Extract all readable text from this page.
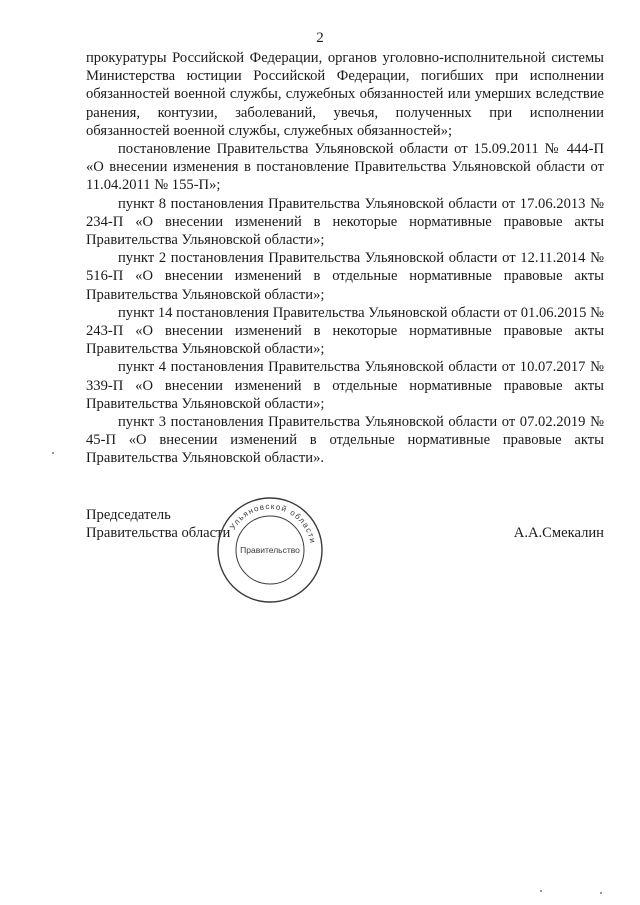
2

прокуратуры Российской Федерации, органов уголовно-исполнительной системы Министерства юстиции Российской Федерации, погибших при исполнении обязанностей военной службы, служебных обязанностей или умерших вследствие ранения, контузии, заболеваний, увечья, полученных при исполнении обязанностей военной службы, служебных обязанностей»;

постановление Правительства Ульяновской области от 15.09.2011 № 444-П «О внесении изменения в постановление Правительства Ульяновской области от 11.04.2011 № 155-П»;

пункт 8 постановления Правительства Ульяновской области от 17.06.2013 № 234-П «О внесении изменений в некоторые нормативные правовые акты Правительства Ульяновской области»;

пункт 2 постановления Правительства Ульяновской области от 12.11.2014 № 516-П «О внесении изменений в отдельные нормативные правовые акты Правительства Ульяновской области»;

пункт 14 постановления Правительства Ульяновской области от 01.06.2015 № 243-П «О внесении изменений в некоторые нормативные правовые акты Правительства Ульяновской области»;

пункт 4 постановления Правительства Ульяновской области от 10.07.2017 № 339-П «О внесении изменений в отдельные нормативные правовые акты Правительства Ульяновской области»;

пункт 3 постановления Правительства Ульяновской области от 07.02.2019 № 45-П «О внесении изменений в отдельные нормативные правовые акты Правительства Ульяновской области».

Председатель
Правительства области	А.А.Смекалин
Ульяновской области
Правительство
